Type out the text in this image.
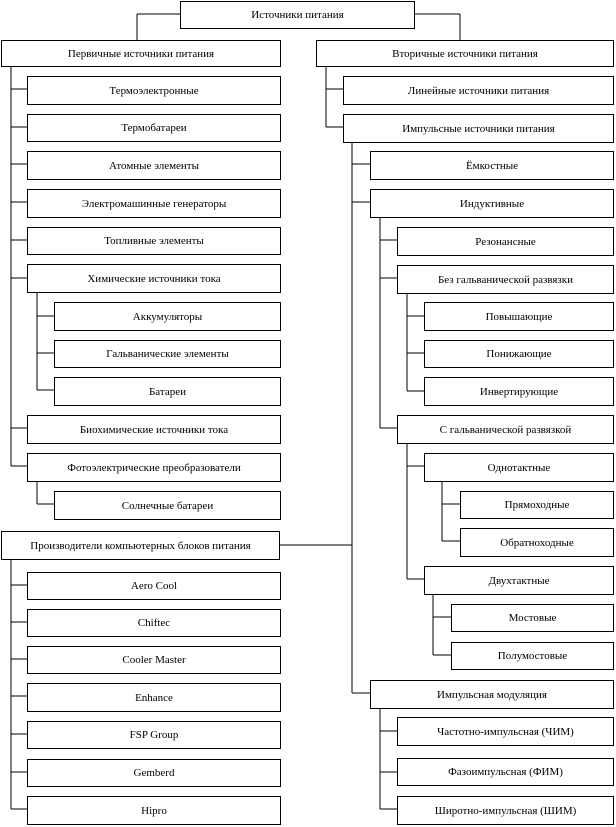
Источники питания
Первичные источники питания
Термоэлектронные
Термобатареи
Атомные элементы
Электромашинные генераторы
Топливные элементы
Химические источники тока
Аккумуляторы
Гальванические элементы
Батареи
Биохимические источники тока
Фотоэлектрические преобразователи
Солнечные батареи
Производители компьютерных блоков питания
Aero Cool
Chiftec
Cooler Master
Enhance
FSP Group
Gemberd
Hipro
Вторичные источники питания
Линейные источники питания
Импульсные источники питания
Ёмкостные
Индуктивные
Резонансные
Без гальванической развязки
Повышающие
Понижающие
Инвертирующие
С гальванической развязкой
Однотактные
Прямоходные
Обратноходные
Двухтактные
Мостовые
Полумостовые
Импульсная модуляция
Частотно-импульсная (ЧИМ)
Фазоимпульсная (ФИМ)
Широтно-импульсная (ШИМ)
